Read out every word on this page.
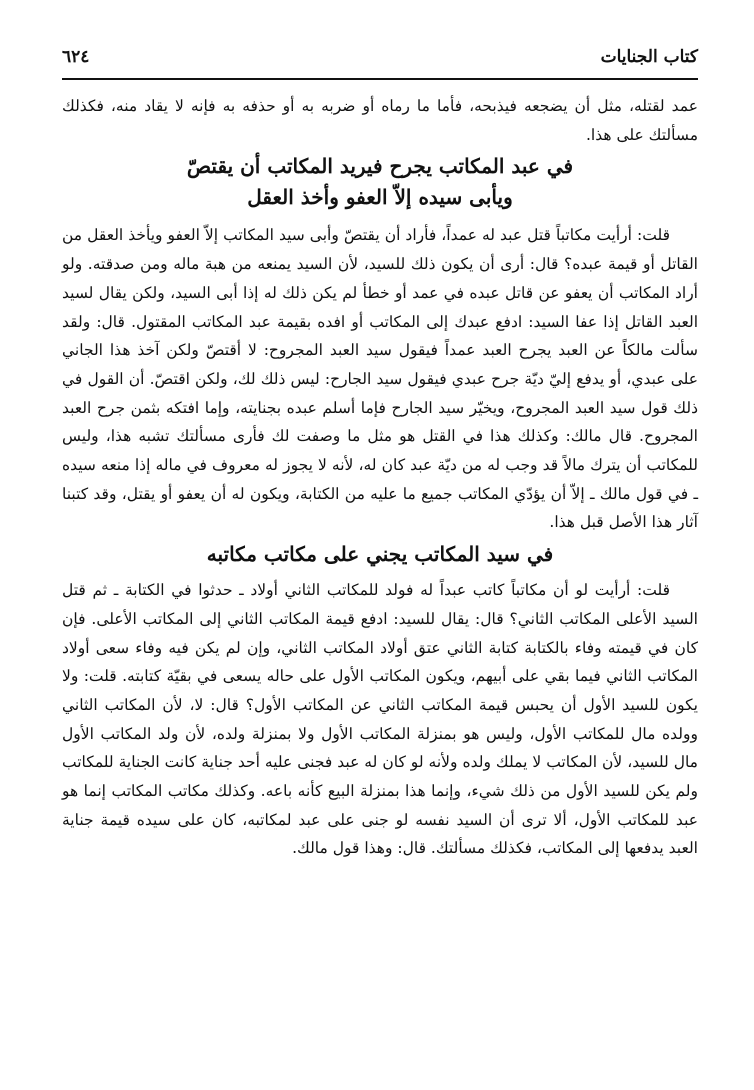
كتاب الجنايات
٦٢٤

عمد لقتله، مثل أن يضجعه فيذبحه، فأما ما رماه أو ضربه به أو حذفه به فإنه لا يقاد منه، فكذلك مسألتك على هذا.

في عبد المكاتب يجرح فيريد المكاتب أن يقتصّ
ويأبى سيده إلاّ العفو وأخذ العقل

قلت: أرأيت مكاتباً قتل عبد له عمداً، فأراد أن يقتصّ وأبى سيد المكاتب إلاّ العفو ويأخذ العقل من القاتل أو قيمة عبده؟ قال: أرى أن يكون ذلك للسيد، لأن السيد يمنعه من هبة ماله ومن صدقته. ولو أراد المكاتب أن يعفو عن قاتل عبده في عمد أو خطأ لم يكن ذلك له إذا أبى السيد، ولكن يقال لسيد العبد القاتل إذا عفا السيد: ادفع عبدك إلى المكاتب أو افده بقيمة عبد المكاتب المقتول. قال: ولقد سألت مالكاً عن العبد يجرح العبد عمداً فيقول سيد العبد المجروح: لا أقتصّ ولكن آخذ هذا الجاني على عبدي، أو يدفع إليّ ديّة جرح عبدي فيقول سيد الجارح: ليس ذلك لك، ولكن اقتصّ. أن القول في ذلك قول سيد العبد المجروح، ويخيّر سيد الجارح فإما أسلم عبده بجنايته، وإما افتكه بثمن جرح العبد المجروح. قال مالك: وكذلك هذا في القتل هو مثل ما وصفت لك فأرى مسألتك تشبه هذا، وليس للمكاتب أن يترك مالاً قد وجب له من ديّة عبد كان له، لأنه لا يجوز له معروف في ماله إذا منعه سيده ـ في قول مالك ـ إلاّ أن يؤدّي المكاتب جميع ما عليه من الكتابة، ويكون له أن يعفو أو يقتل، وقد كتبنا آثار هذا الأصل قبل هذا.

في سيد المكاتب يجني على مكاتب مكاتبه

قلت: أرأيت لو أن مكاتباً كاتب عبداً له فولد للمكاتب الثاني أولاد ـ حدثوا في الكتابة ـ ثم قتل السيد الأعلى المكاتب الثاني؟ قال: يقال للسيد: ادفع قيمة المكاتب الثاني إلى المكاتب الأعلى. فإن كان في قيمته وفاء بالكتابة كتابة الثاني عتق أولاد المكاتب الثاني، وإن لم يكن فيه وفاء سعى أولاد المكاتب الثاني فيما بقي على أبيهم، ويكون المكاتب الأول على حاله يسعى في بقيّة كتابته. قلت: ولا يكون للسيد الأول أن يحبس قيمة المكاتب الثاني عن المكاتب الأول؟ قال: لا، لأن المكاتب الثاني وولده مال للمكاتب الأول، وليس هو بمنزلة المكاتب الأول ولا بمنزلة ولده، لأن ولد المكاتب الأول مال للسيد، لأن المكاتب لا يملك ولده ولأنه لو كان له عبد فجنى عليه أحد جناية كانت الجناية للمكاتب ولم يكن للسيد الأول من ذلك شيء، وإنما هذا بمنزلة البيع كأنه باعه. وكذلك مكاتب المكاتب إنما هو عبد للمكاتب الأول، ألا ترى أن السيد نفسه لو جنى على عبد لمكاتبه، كان على سيده قيمة جناية العبد يدفعها إلى المكاتب، فكذلك مسألتك. قال: وهذا قول مالك.
